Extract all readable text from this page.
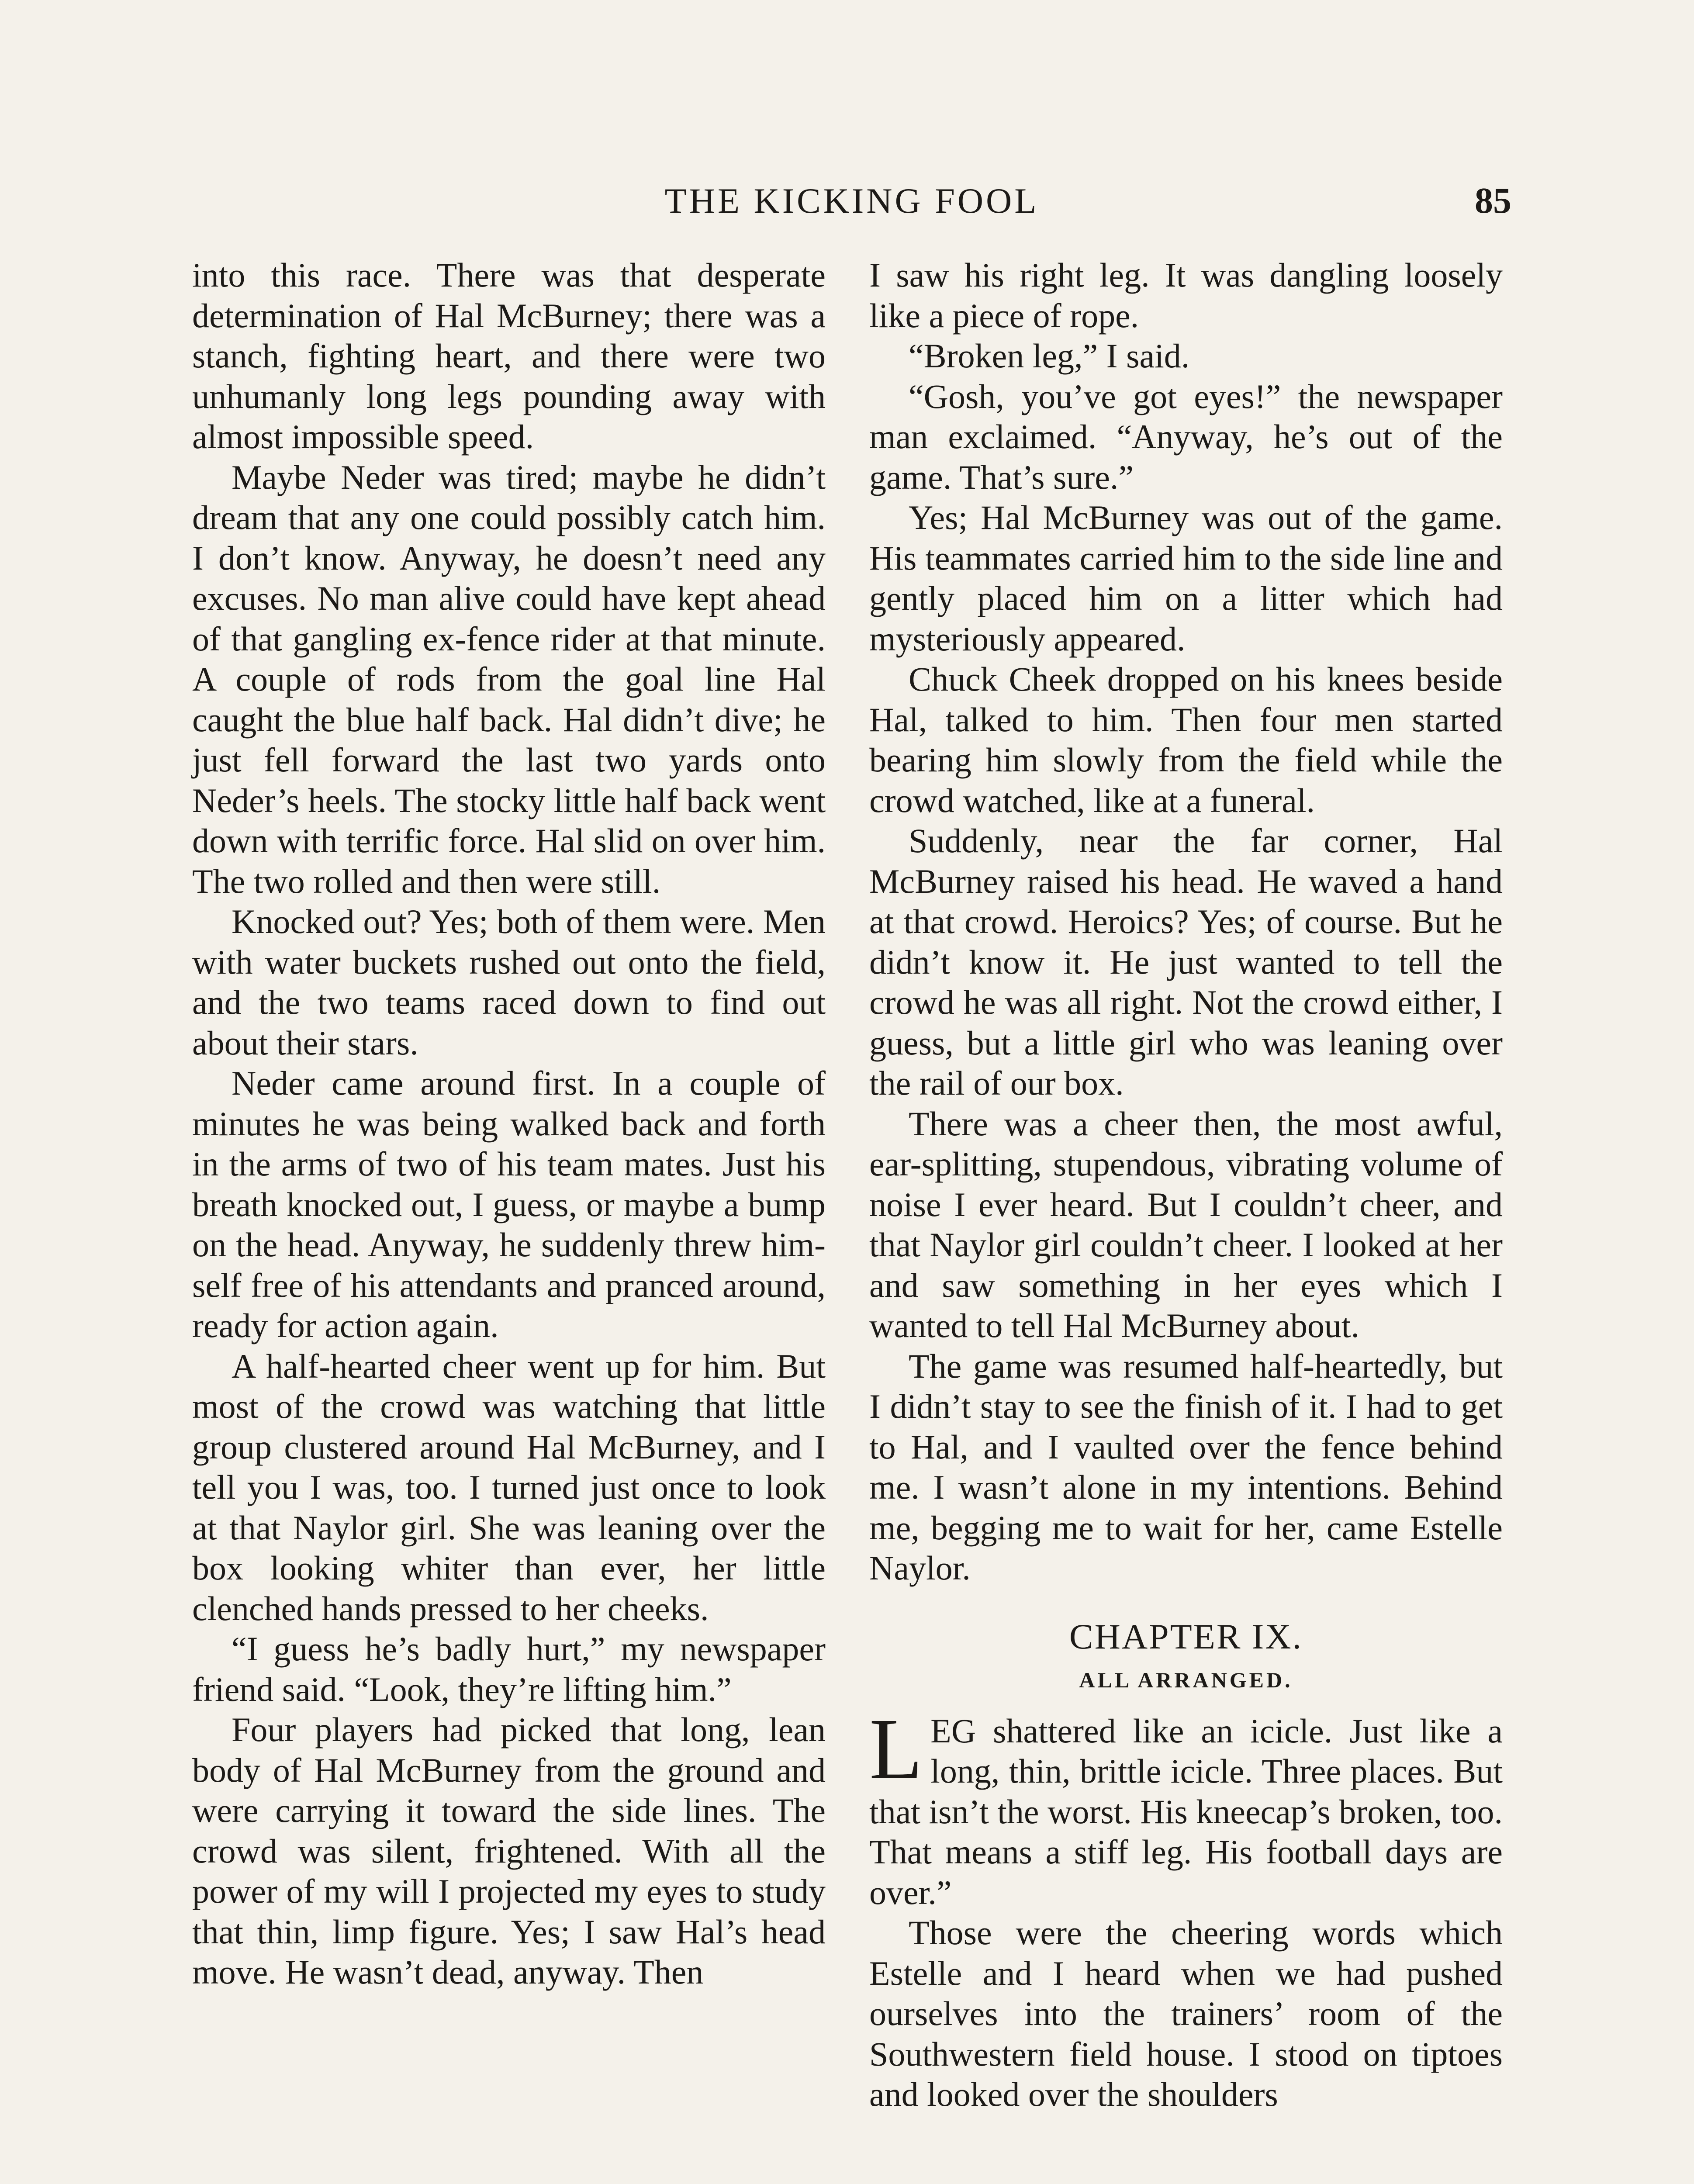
THE KICKING FOOL	85

into this race. There was that desperate determination of Hal McBurney; there was a stanch, fighting heart, and there were two unhumanly long legs pounding away with almost impossible speed.

Maybe Neder was tired; maybe he didn’t dream that any one could possibly catch him. I don’t know. Anyway, he doesn’t need any excuses. No man alive could have kept ahead of that gangling ex-fence rider at that minute. A couple of rods from the goal line Hal caught the blue half back. Hal didn’t dive; he just fell forward the last two yards onto Neder’s heels. The stocky little half back went down with terrific force. Hal slid on over him. The two rolled and then were still.

Knocked out? Yes; both of them were. Men with water buckets rushed out onto the field, and the two teams raced down to find out about their stars.

Neder came around first. In a couple of minutes he was being walked back and forth in the arms of two of his team mates. Just his breath knocked out, I guess, or maybe a bump on the head. Anyway, he suddenly threw himself free of his attendants and pranced around, ready for action again.

A half-hearted cheer went up for him. But most of the crowd was watching that little group clustered around Hal McBurney, and I tell you I was, too. I turned just once to look at that Naylor girl. She was leaning over the box looking whiter than ever, her little clenched hands pressed to her cheeks.

“I guess he’s badly hurt,” my newspaper friend said. “Look, they’re lifting him.”

Four players had picked that long, lean body of Hal McBurney from the ground and were carrying it toward the side lines. The crowd was silent, frightened. With all the power of my will I projected my eyes to study that thin, limp figure. Yes; I saw Hal’s head move. He wasn’t dead, anyway. Then

I saw his right leg. It was dangling loosely like a piece of rope.

“Broken leg,” I said.

“Gosh, you’ve got eyes!” the newspaper man exclaimed. “Anyway, he’s out of the game. That’s sure.”

Yes; Hal McBurney was out of the game. His teammates carried him to the side line and gently placed him on a litter which had mysteriously appeared.

Chuck Cheek dropped on his knees beside Hal, talked to him. Then four men started bearing him slowly from the field while the crowd watched, like at a funeral.

Suddenly, near the far corner, Hal McBurney raised his head. He waved a hand at that crowd. Heroics? Yes; of course. But he didn’t know it. He just wanted to tell the crowd he was all right. Not the crowd either, I guess, but a little girl who was leaning over the rail of our box.

There was a cheer then, the most awful, ear-splitting, stupendous, vibrating volume of noise I ever heard. But I couldn’t cheer, and that Naylor girl couldn’t cheer. I looked at her and saw something in her eyes which I wanted to tell Hal McBurney about.

The game was resumed half-heartedly, but I didn’t stay to see the finish of it. I had to get to Hal, and I vaulted over the fence behind me. I wasn’t alone in my intentions. Behind me, begging me to wait for her, came Estelle Naylor.

CHAPTER IX.
ALL ARRANGED.

LEG shattered like an icicle. Just like a long, thin, brittle icicle. Three places. But that isn’t the worst. His kneecap’s broken, too. That means a stiff leg. His football days are over.”

Those were the cheering words which Estelle and I heard when we had pushed ourselves into the trainers’ room of the Southwestern field house. I stood on tiptoes and looked over the shoulders
